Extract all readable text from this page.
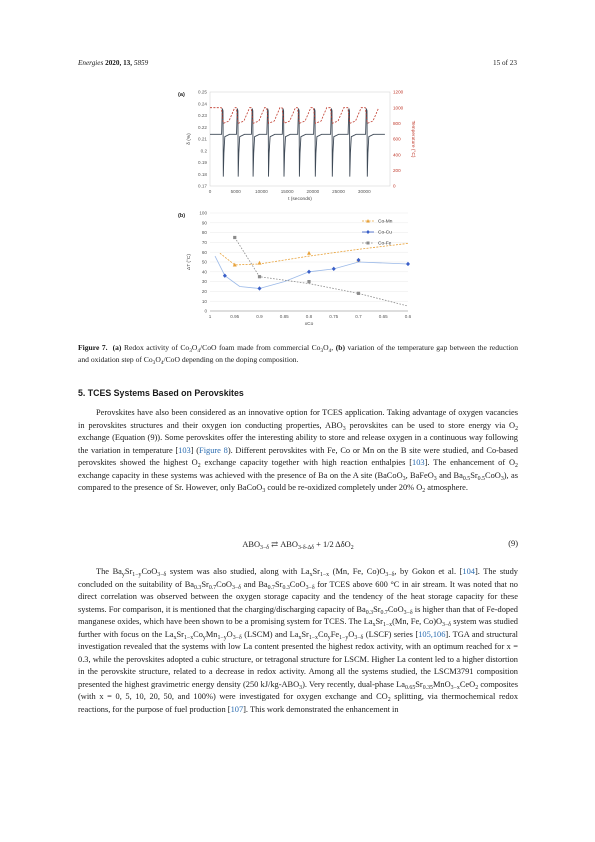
Energies 2020, 13, 5859	15 of 23
(a)
0.17
0.18
0.19
0.2
0.21
0.22
0.23
0.24
0.25
0
200
400
600
800
1000
1200
0	5000	10000	15000	20000	25000	30000
t (seconds)
δ (%)	Temperature (°C)
(b)
0
10
20
30
40
50
60
70
80
90
100
1	0.95	0.9	0.85	0.8	0.75	0.7	0.65	0.6
xCo
ΔT (°C)
Co-Mn
Co-Cu
Co-Fe
Figure 7. (a) Redox activity of $Co_3O_4$/CoO foam made from commercial $Co_3O_4$, (b) variation of the temperature gap between the reduction and oxidation step of $Co_3O_4$/CoO depending on the doping composition.
5. TCES Systems Based on Perovskites
Perovskites have also been considered as an innovative option for TCES application. Taking advantage of oxygen vacancies in perovskites structures and their oxygen ion conducting properties, $ABO_3$ perovskites can be used to store energy via $O_2$ exchange (Equation (9)). Some perovskites offer the interesting ability to store and release oxygen in a continuous way following the variation in temperature [103] (Figure 8). Different perovskites with Fe, Co or Mn on the B site were studied, and Co-based perovskites showed the highest $O_2$ exchange capacity together with high reaction enthalpies [103]. The enhancement of $O_2$ exchange capacity in these systems was achieved with the presence of Ba on the A site (BaCoO$_3$, BaFeO$_3$ and $Ba_{0.5}Sr_{0.5}CoO_3$), as compared to the presence of Sr. However, only BaCoO$_3$ could be re-oxidized completely under 20% $O_2$ atmosphere.
$ABO_{3-\delta}$ ⇄ $ABO_{3-\delta-\Delta\delta} + 1/2$ ΔδO$_2$	(9)
The $Ba_ySr_{1-y}CoO_{3-\delta}$ system was also studied, along with $La_xSr_{1-x}$ (Mn, Fe, $Co)O_{3-\delta}$, by Gokon et al. [104]. The study concluded on the suitability of $Ba_{0.3}Sr_{0.7}CoO_{3-\delta}$ and $Ba_{0.7}Sr_{0.3}CoO_{3-\delta}$ for TCES above 600 °C in air stream. It was noted that no direct correlation was observed between the oxygen storage capacity and the tendency of the heat storage capacity for these systems. For comparison, it is mentioned that the charging/discharging capacity of $Ba_{0.3}Sr_{0.7}CoO_{3-\delta}$ is higher than that of Fe-doped manganese oxides, which have been shown to be a promising system for TCES. The $La_xSr_{1-x}(Mn$, Fe, $Co)O_{3-\delta}$ system was studied further with focus on the $La_xSr_{1-x}Co_yMn_{1-y}O_{3-\delta}$ (LSCM) and $La_xSr_{1-x}Co_yFe_{1-y}O_{3-\delta}$ (LSCF) series [105,106]. TGA and structural investigation revealed that the systems with low La content presented the highest redox activity, with an optimum reached for x = 0.3, while the perovskites adopted a cubic structure, or tetragonal structure for LSCM. Higher La content led to a higher distortion in the perovskite structure, related to a decrease in redox activity. Among all the systems studied, the LSCM3791 composition presented the highest gravimetric energy density (250 $kJ/kg-ABO_3$). Very recently, dual-phase $La_{0.65}Sr_{0.35}MnO_{3-x}CeO_2$ composites (with x = 0, 5, 10, 20, 50, and 100%) were investigated for oxygen exchange and $CO_2$ splitting, via thermochemical redox reactions, for the purpose of fuel production [107]. This work demonstrated the enhancement in
